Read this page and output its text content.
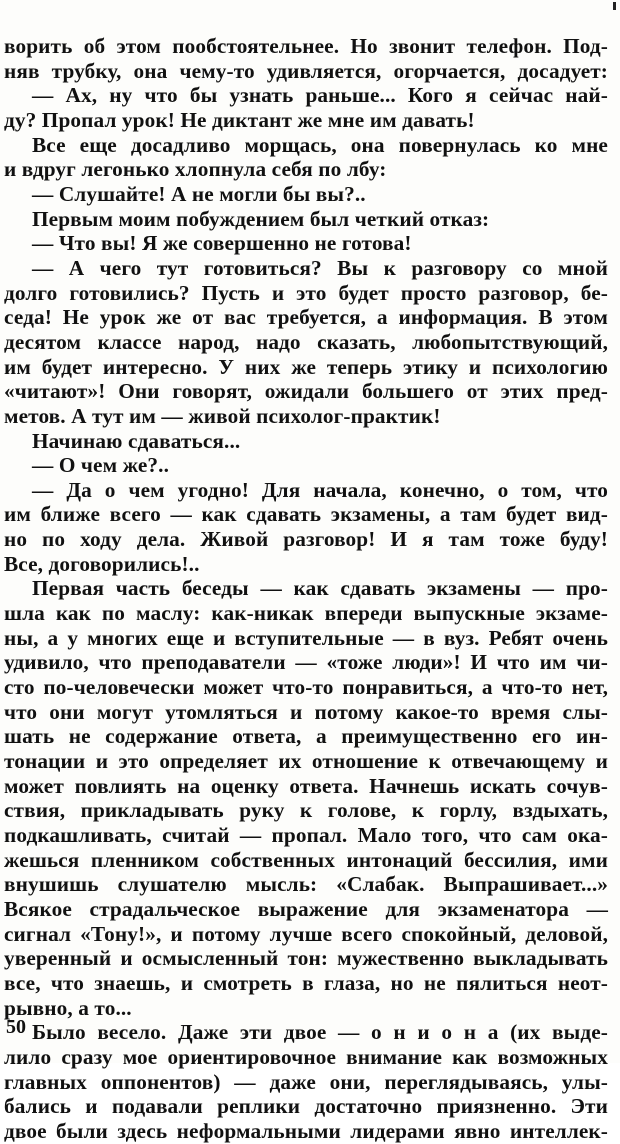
ворить об этом пообстоятельнее. Но звонит телефон. Под-
няв трубку, она чему-то удивляется, огорчается, досадует:
— Ах, ну что бы узнать раньше... Кого я сейчас най-
ду? Пропал урок! Не диктант же мне им давать!
Все еще досадливо морщась, она повернулась ко мне
и вдруг легонько хлопнула себя по лбу:
— Слушайте! А не могли бы вы?..
Первым моим побуждением был четкий отказ:
— Что вы! Я же совершенно не готова!
— А чего тут готовиться? Вы к разговору со мной
долго готовились? Пусть и это будет просто разговор, бе-
седа! Не урок же от вас требуется, а информация. В этом
десятом классе народ, надо сказать, любопытствующий,
им будет интересно. У них же теперь этику и психологию
«читают»! Они говорят, ожидали большего от этих пред-
метов. А тут им — живой психолог-практик!
Начинаю сдаваться...
— О чем же?..
— Да о чем угодно! Для начала, конечно, о том, что
им ближе всего — как сдавать экзамены, а там будет вид-
но по ходу дела. Живой разговор! И я там тоже буду!
Все, договорились!..
Первая часть беседы — как сдавать экзамены — про-
шла как по маслу: как-никак впереди выпускные экзаме-
ны, а у многих еще и вступительные — в вуз. Ребят очень
удивило, что преподаватели — «тоже люди»! И что им чи-
сто по-человечески может что-то понравиться, а что-то нет,
что они могут утомляться и потому какое-то время слы-
шать не содержание ответа, а преимущественно его ин-
тонации и это определяет их отношение к отвечающему и
может повлиять на оценку ответа. Начнешь искать сочув-
ствия, прикладывать руку к голове, к горлу, вздыхать,
подкашливать, считай — пропал. Мало того, что сам ока-
жешься пленником собственных интонаций бессилия, ими
внушишь слушателю мысль: «Слабак. Выпрашивает...»
Всякое страдальческое выражение для экзаменатора —
сигнал «Тону!», и потому лучше всего спокойный, деловой,
уверенный и осмысленный тон: мужественно выкладывать
все, что знаешь, и смотреть в глаза, но не пялиться неот-
рывно, а то...
Было весело. Даже эти двое — о н и о н а (их выде-
лило сразу мое ориентировочное внимание как возможных
главных оппонентов) — даже они, переглядываясь, улы-
бались и подавали реплики достаточно приязненно. Эти
двое были здесь неформальными лидерами явно интеллек-
50
